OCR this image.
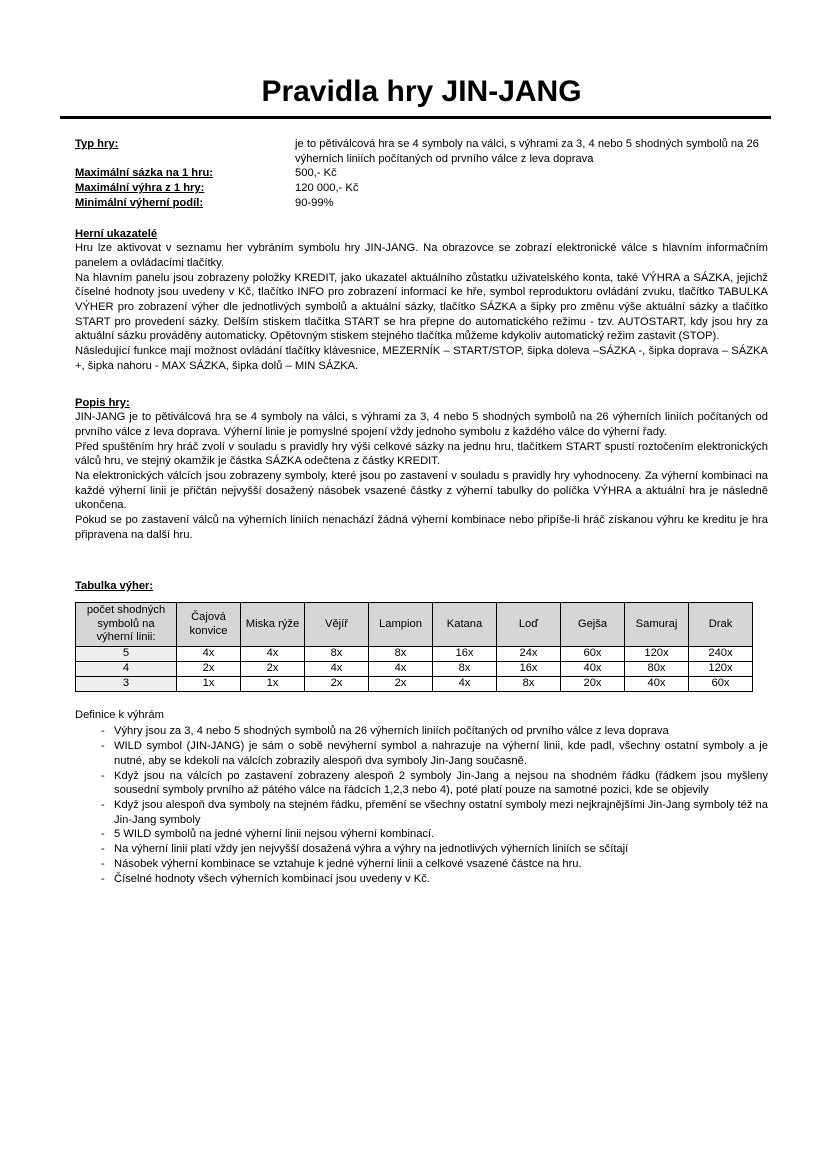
Pravidla hry JIN-JANG
Typ hry:	je to pětiválcová hra se 4 symboly na válci, s výhrami za 3, 4 nebo 5 shodných symbolů na 26 výherních liniích počítaných od prvního válce z leva doprava
Maximální sázka na 1 hru:	500,- Kč
Maximální výhra z 1 hry:	120 000,- Kč
Minimální výherní podíl:	90-99%
Herní ukazatelé

Hru lze aktivovat v seznamu her vybráním symbolu hry JIN-JANG. Na obrazovce se zobrazí elektronické válce s hlavním informačním panelem a ovládacími tlačítky.

Na hlavním panelu jsou zobrazeny položky KREDIT, jako ukazatel aktuálního zůstatku uživatelského konta, také VÝHRA a SÁZKA, jejichž číselné hodnoty jsou uvedeny v Kč, tlačítko INFO pro zobrazení informací ke hře, symbol reproduktoru ovládání zvuku, tlačítko TABULKA VÝHER pro zobrazení výher dle jednotlivých symbolů a aktuální sázky, tlačítko SÁZKA a šipky pro změnu výše aktuální sázky a tlačítko START pro provedení sázky. Delším stiskem tlačítka START se hra přepne do automatického režimu - tzv. AUTOSTART, kdy jsou hry za aktuální sázku prováděny automaticky. Opětovným stiskem stejného tlačítka můžeme kdykoliv automatický režim zastavit (STOP).

Následující funkce mají možnost ovládání tlačítky klávesnice, MEZERNÍK – START/STOP, šipka doleva –SÁZKA -, šipka doprava – SÁZKA +, šipka nahoru - MAX SÁZKA, šipka dolů – MIN SÁZKA.

Popis hry:

JIN-JANG je to pětiválcová hra se 4 symboly na válci, s výhrami za 3, 4 nebo 5 shodných symbolů na 26 výherních liniích počítaných od prvního válce z leva doprava. Výherní linie je pomyslné spojení vždy jednoho symbolu z každého válce do výherní řady.

Před spuštěním hry hráč zvolí v souladu s pravidly hry výši celkové sázky na jednu hru, tlačítkem START spustí roztočením elektronických válců hru, ve stejný okamžik je částka SÁZKA odečtena z částky KREDIT.

Na elektronických válcích jsou zobrazeny symboly, které jsou po zastavení v souladu s pravidly hry vyhodnoceny. Za výherní kombinaci na každé výherní linii je přičtán nejvyšší dosažený násobek vsazené částky z výherní tabulky do políčka VÝHRA a aktuální hra je následně ukončena.

Pokud se po zastavení válců na výherních liniích nenachází žádná výherní kombinace nebo připíše-li hráč získanou výhru ke kreditu je hra připravena na další hru.

Tabulka výher:
počet shodných symbolů na výherní linii:	Čajová konvice	Miska rýže	Vějíř	Lampion	Katana	Loď	Gejša	Samuraj	Drak
5	4x	4x	8x	8x	16x	24x	60x	120x	240x
4	2x	2x	4x	4x	8x	16x	40x	80x	120x
3	1x	1x	2x	2x	4x	8x	20x	40x	60x
Definice k výhrám
- Výhry jsou za 3, 4 nebo 5 shodných symbolů na 26 výherních liniích počítaných od prvního válce z leva doprava
- WILD symbol (JIN-JANG) je sám o sobě nevýherní symbol a nahrazuje na výherní linii, kde padl, všechny ostatní symboly a je nutné, aby se kdekoli na válcích zobrazily alespoň dva symboly Jin-Jang současně.
- Když jsou na válcích po zastavení zobrazeny alespoň 2 symboly Jin-Jang a nejsou na shodném řádku (řádkem jsou myšleny sousední symboly prvního až pátého válce na řádcích 1,2,3 nebo 4), poté platí pouze na samotné pozici, kde se objevily
- Když jsou alespoň dva symboly na stejném řádku, přemění se všechny ostatní symboly mezi nejkrajnějšími Jin-Jang symboly též na Jin-Jang symboly
- 5 WILD symbolů na jedné výherní linii nejsou výherní kombinací.
- Na výherní linii platí vždy jen nejvyšší dosažená výhra a výhry na jednotlivých výherních liniích se sčítají
- Násobek výherní kombinace se vztahuje k jedné výherní linii a celkové vsazené částce na hru.
- Číselné hodnoty všech výherních kombinací jsou uvedeny v Kč.
